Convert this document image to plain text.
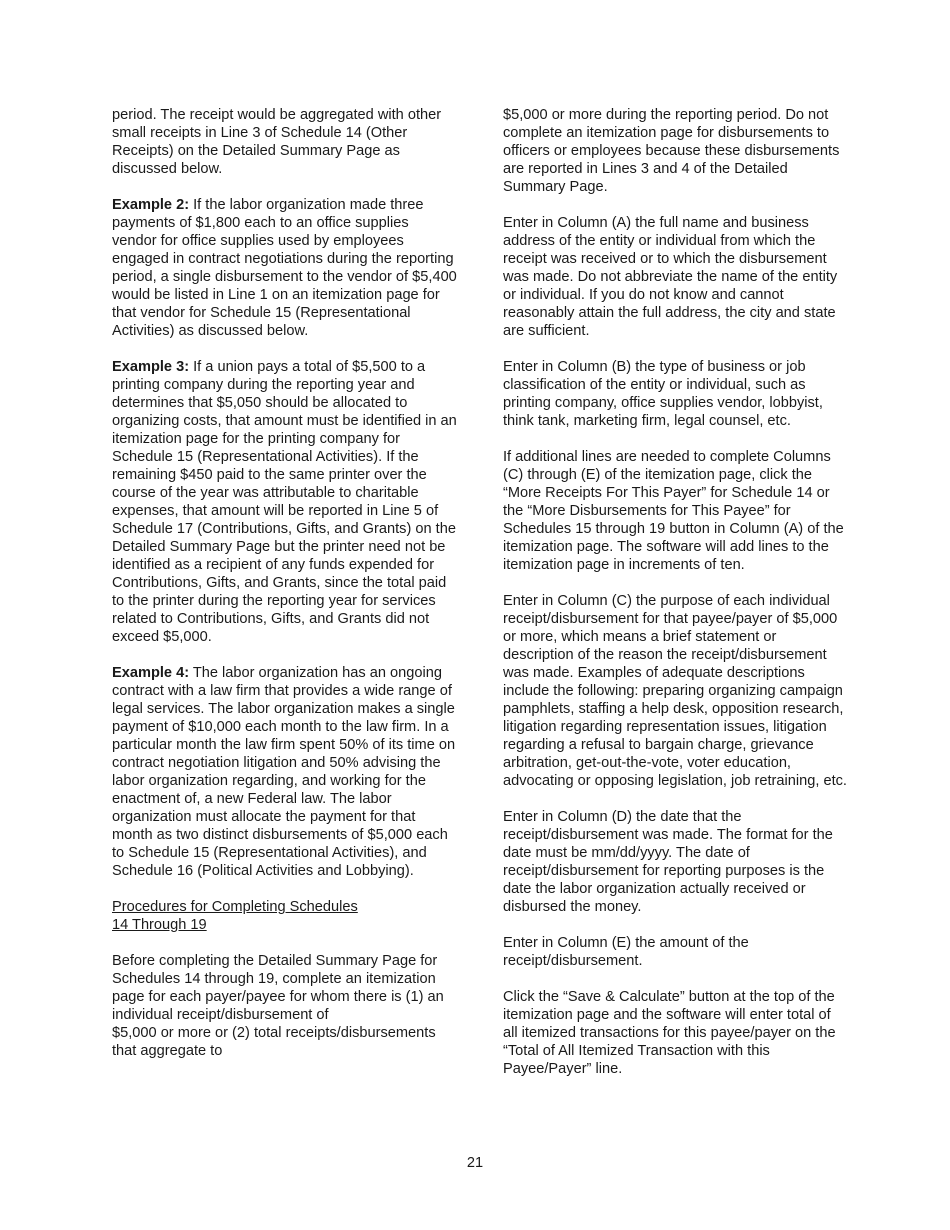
period. The receipt would be aggregated with other small receipts in Line 3 of Schedule 14 (Other Receipts) on the Detailed Summary Page as discussed below.

Example 2: If the labor organization made three payments of $1,800 each to an office supplies vendor for office supplies used by employees engaged in contract negotiations during the reporting period, a single disbursement to the vendor of $5,400 would be listed in Line 1 on an itemization page for that vendor for Schedule 15 (Representational Activities) as discussed below.

Example 3: If a union pays a total of $5,500 to a printing company during the reporting year and determines that $5,050 should be allocated to organizing costs, that amount must be identified in an itemization page for the printing company for Schedule 15 (Representational Activities). If the remaining $450 paid to the same printer over the course of the year was attributable to charitable expenses, that amount will be reported in Line 5 of Schedule 17 (Contributions, Gifts, and Grants) on the Detailed Summary Page but the printer need not be identified as a recipient of any funds expended for Contributions, Gifts, and Grants, since the total paid to the printer during the reporting year for services related to Contributions, Gifts, and Grants did not exceed $5,000.

Example 4: The labor organization has an ongoing contract with a law firm that provides a wide range of legal services. The labor organization makes a single payment of $10,000 each month to the law firm. In a particular month the law firm spent 50% of its time on contract negotiation litigation and 50% advising the labor organization regarding, and working for the enactment of, a new Federal law. The labor organization must allocate the payment for that month as two distinct disbursements of $5,000 each to Schedule 15 (Representational Activities), and Schedule 16 (Political Activities and Lobbying).

Procedures for Completing Schedules
14 Through 19

Before completing the Detailed Summary Page for Schedules 14 through 19, complete an itemization page for each payer/payee for whom there is (1) an individual receipt/disbursement of
$5,000 or more or (2) total receipts/disbursements that aggregate to

$5,000 or more during the reporting period. Do not complete an itemization page for disbursements to officers or employees because these disbursements are reported in Lines 3 and 4 of the Detailed Summary Page.

Enter in Column (A) the full name and business address of the entity or individual from which the receipt was received or to which the disbursement was made. Do not abbreviate the name of the entity or individual. If you do not know and cannot reasonably attain the full address, the city and state are sufficient.

Enter in Column (B) the type of business or job classification of the entity or individual, such as printing company, office supplies vendor, lobbyist, think tank, marketing firm, legal counsel, etc.

If additional lines are needed to complete Columns (C) through (E) of the itemization page, click the “More Receipts For This Payer” for Schedule 14 or the “More Disbursements for This Payee” for Schedules 15 through 19 button in Column (A) of the itemization page. The software will add lines to the itemization page in increments of ten.

Enter in Column (C) the purpose of each individual receipt/disbursement for that payee/payer of $5,000 or more, which means a brief statement or description of the reason the receipt/disbursement was made. Examples of adequate descriptions include the following: preparing organizing campaign pamphlets, staffing a help desk, opposition research, litigation regarding representation issues, litigation regarding a refusal to bargain charge, grievance arbitration, get-out-the-vote, voter education, advocating or opposing legislation, job retraining, etc.

Enter in Column (D) the date that the receipt/disbursement was made. The format for the date must be mm/dd/yyyy. The date of receipt/disbursement for reporting purposes is the date the labor organization actually received or disbursed the money.

Enter in Column (E) the amount of the receipt/disbursement.

Click the “Save & Calculate” button at the top of the itemization page and the software will enter total of all itemized transactions for this payee/payer on the “Total of All Itemized Transaction with this Payee/Payer” line.

21
